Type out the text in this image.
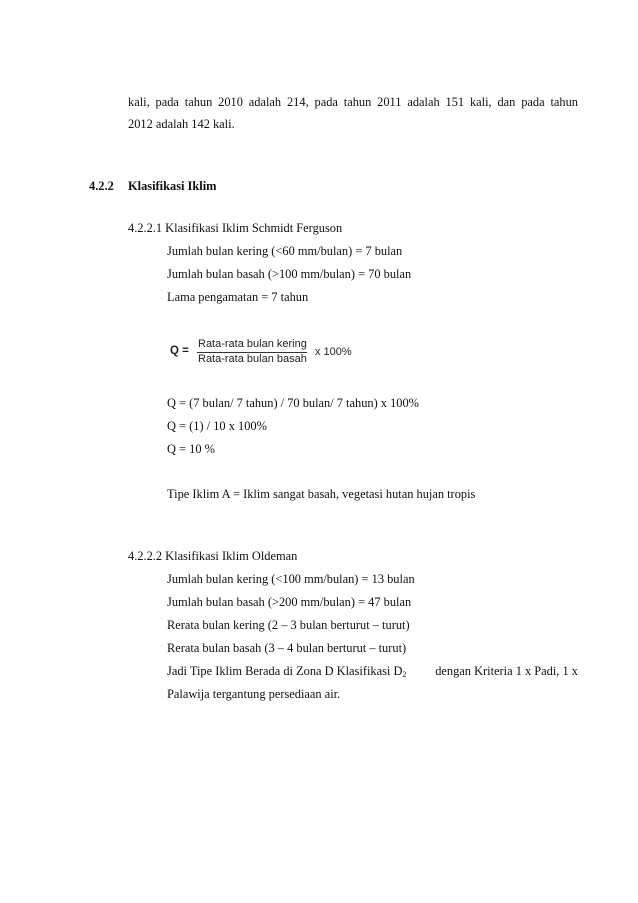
kali, pada tahun 2010 adalah 214, pada tahun 2011 adalah 151 kali, dan pada tahun
2012 adalah 142 kali.
4.2.2 Klasifikasi Iklim
4.2.2.1 Klasifikasi Iklim Schmidt Ferguson
Jumlah bulan kering (<60 mm/bulan) = 7 bulan
Jumlah bulan basah (>100 mm/bulan) = 70 bulan
Lama pengamatan = 7 tahun
Q =
Rata-rata bulan kering
Rata-rata bulan basah
x 100%
Q = (7 bulan/ 7 tahun) / 70 bulan/ 7 tahun) x 100%
Q = (1) / 10 x 100%
Q = 10 %
Tipe Iklim A = Iklim sangat basah, vegetasi hutan hujan tropis
4.2.2.2 Klasifikasi Iklim Oldeman
Jumlah bulan kering (<100 mm/bulan) = 13 bulan
Jumlah bulan basah (>200 mm/bulan) = 47 bulan
Rerata bulan kering (2 – 3 bulan berturut – turut)
Rerata bulan basah (3 – 4 bulan berturut – turut)
Jadi Tipe Iklim Berada di Zona D Klasifikasi $D_2$ dengan Kriteria 1 x Padi, 1 x
Palawija tergantung persediaan air.
